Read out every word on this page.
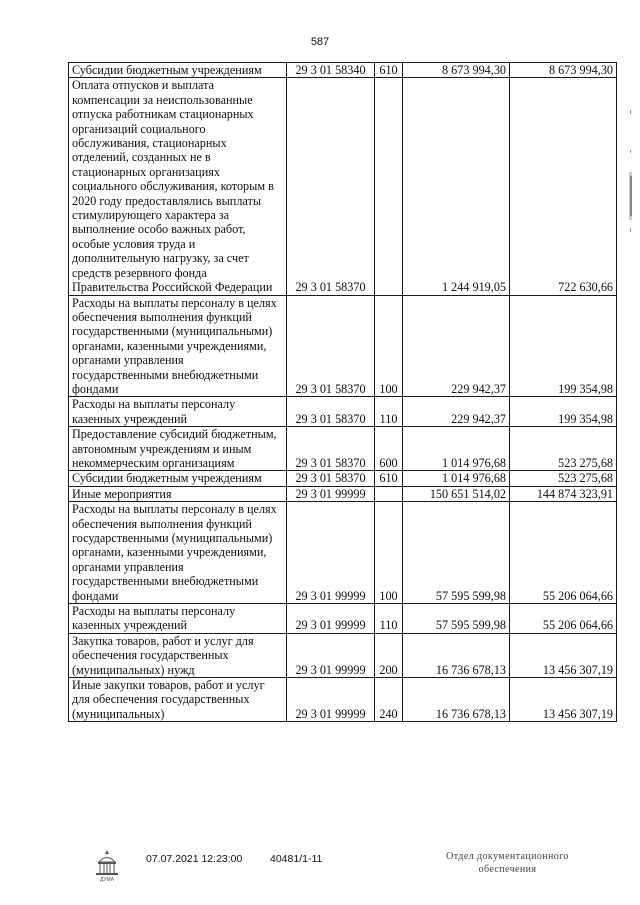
587
Субсидии бюджетным учреждениям	29 3 01 58340	610	8 673 994,30	8 673 994,30
Оплата отпусков и выплата компенсации за неиспользованные отпуска работникам стационарных организаций социального обслуживания, стационарных отделений, созданных не в стационарных организациях социального обслуживания, которым в 2020 году предоставлялись выплаты стимулирующего характера за выполнение особо важных работ, особые условия труда и дополнительную нагрузку, за счет средств резервного фонда Правительства Российской Федерации	29 3 01 58370		1 244 919,05	722 630,66
Расходы на выплаты персоналу в целях обеспечения выполнения функций государственными (муниципальными) органами, казенными учреждениями, органами управления государственными внебюджетными фондами	29 3 01 58370	100	229 942,37	199 354,98
Расходы на выплаты персоналу казенных учреждений	29 3 01 58370	110	229 942,37	199 354,98
Предоставление субсидий бюджетным, автономным учреждениям и иным некоммерческим организациям	29 3 01 58370	600	1 014 976,68	523 275,68
Субсидии бюджетным учреждениям	29 3 01 58370	610	1 014 976,68	523 275,68
Иные мероприятия	29 3 01 99999		150 651 514,02	144 874 323,91
Расходы на выплаты персоналу в целях обеспечения выполнения функций государственными (муниципальными) органами, казенными учреждениями, органами управления государственными внебюджетными фондами	29 3 01 99999	100	57 595 599,98	55 206 064,66
Расходы на выплаты персоналу казенных учреждений	29 3 01 99999	110	57 595 599,98	55 206 064,66
Закупка товаров, работ и услуг для обеспечения государственных (муниципальных) нужд	29 3 01 99999	200	16 736 678,13	13 456 307,19
Иные закупки товаров, работ и услуг для обеспечения государственных (муниципальных)	29 3 01 99999	240	16 736 678,13	13 456 307,19
ДУМА
07.07.2021 12:23:00	40481/1-11	Отдел документационного
обеспечения
